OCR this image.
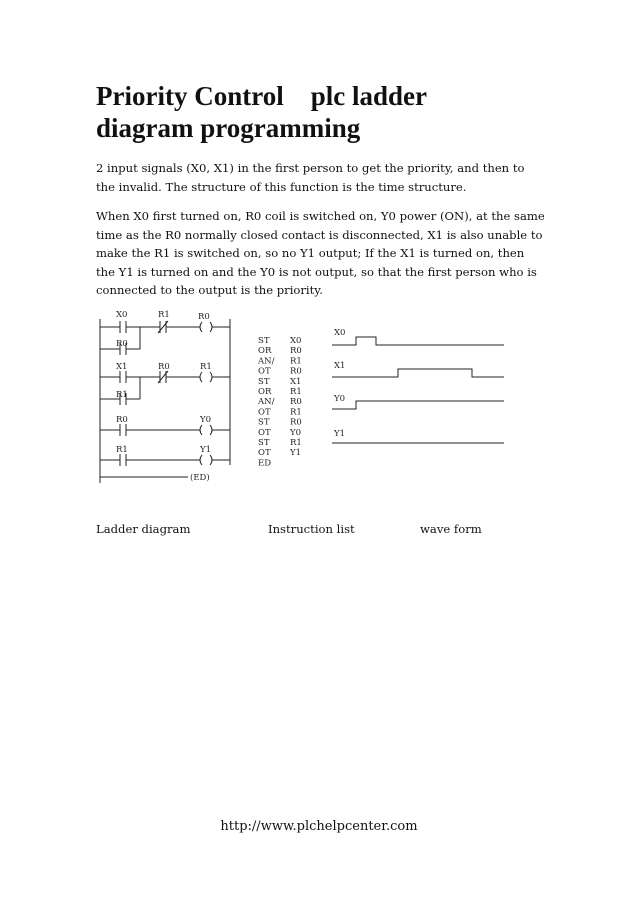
Priority Control    plc ladder
diagram programming

2 input signals (X0, X1) in the first person to get the priority, and then to the invalid. The structure of this function is the time structure.

When X0 first turned on, R0 coil is switched on, Y0 power (ON), at the same time as the R0 normally closed contact is disconnected, X1 is also unable to make the R1 is switched on, so no Y1 output; If the X1 is turned on, then the Y1 is turned on and the Y0 is not output, so that the first person who is connected to the output is the priority.

X0	R1	R0
R0
X1	R0	R1
R1
R0	Y0
R1	Y1
(ED)
ST X0
OR R0
AN/ R1
OT R0
ST X1
OR R1
AN/ R0
OT R1
ST R0
OT Y0
ST R1
OT Y1
ED
X0
X1
Y0
Y1
Ladder diagram	Instruction list	wave form
http://www.plchelpcenter.com
